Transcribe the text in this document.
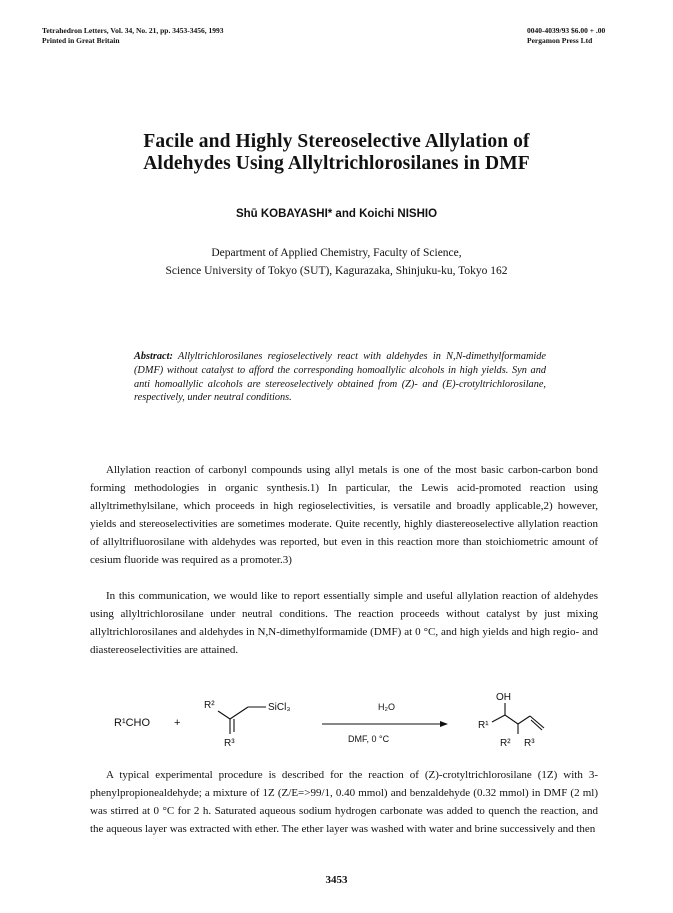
Tetrahedron Letters, Vol. 34, No. 21, pp. 3453-3456, 1993
Printed in Great Britain
0040-4039/93 $6.00 + .00
Pergamon Press Ltd
Facile and Highly Stereoselective Allylation of
Aldehydes Using Allyltrichlorosilanes in DMF
Shū KOBAYASHI* and Koichi NISHIO
Department of Applied Chemistry, Faculty of Science,
Science University of Tokyo (SUT), Kagurazaka, Shinjuku-ku, Tokyo 162
Abstract: Allyltrichlorosilanes regioselectively react with aldehydes in N,N-dimethylformamide (DMF) without catalyst to afford the corresponding homoallylic alcohols in high yields. Syn and anti homoallylic alcohols are stereoselectively obtained from (Z)- and (E)-crotyltrichlorosilane, respectively, under neutral conditions.
Allylation reaction of carbonyl compounds using allyl metals is one of the most basic carbon-carbon bond forming methodologies in organic synthesis.1) In particular, the Lewis acid-promoted reaction using allyltrimethylsilane, which proceeds in high regioselectivities, is versatile and broadly applicable,2) however, yields and stereoselectivities are sometimes moderate. Quite recently, highly diastereoselective allylation reaction of allyltrifluorosilane with aldehydes was reported, but even in this reaction more than stoichiometric amount of cesium fluoride was required as a promoter.3)
In this communication, we would like to report essentially simple and useful allylation reaction of aldehydes using allyltrichlorosilane under neutral conditions. The reaction proceeds without catalyst by just mixing allyltrichlorosilanes and aldehydes in N,N-dimethylformamide (DMF) at 0 °C, and high yields and high regio- and diastereoselectivities are attained.
R¹CHO +
R²	SiCl₃
R³
H₂O
DMF, 0 °C
OH
R¹
R² R³
A typical experimental procedure is described for the reaction of (Z)-crotyltrichlorosilane (1Z) with 3-phenylpropionealdehyde; a mixture of 1Z (Z/E=>99/1, 0.40 mmol) and benzaldehyde (0.32 mmol) in DMF (2 ml) was stirred at 0 °C for 2 h. Saturated aqueous sodium hydrogen carbonate was added to quench the reaction, and the aqueous layer was extracted with ether. The ether layer was washed with water and brine successively and then
3453
